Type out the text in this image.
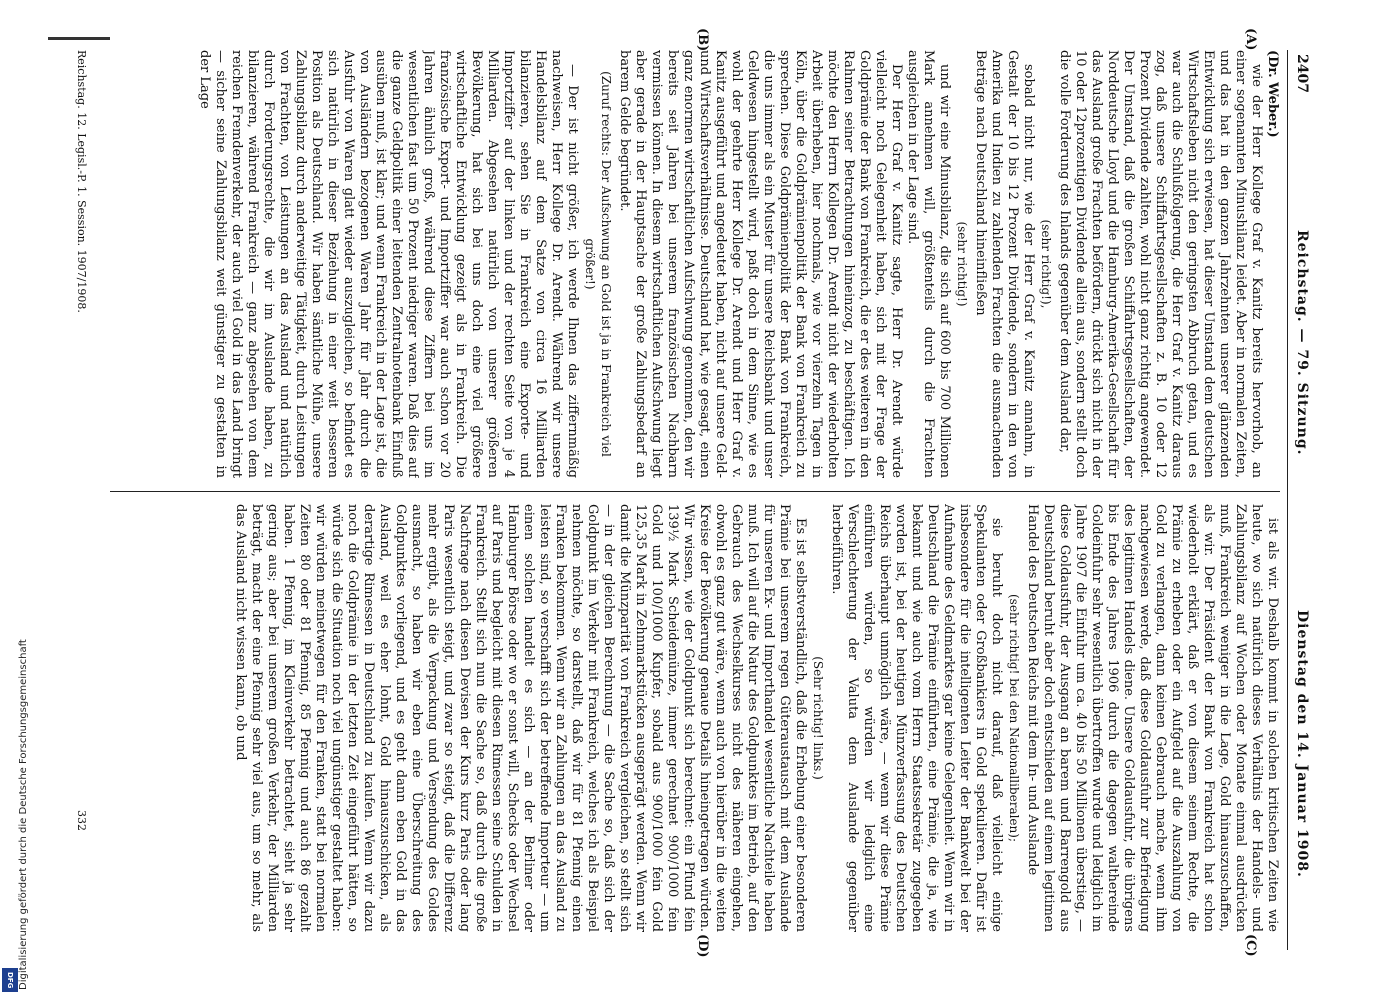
2407
Reichstag. — 79. Sitzung.
Dienstag den 14. Januar 1908.
(A)
(B)
(C)
(D)

(Dr. Weber.)

wie der Herr Kollege Graf v. Kanitz bereits hervorhob, an einer sogenannten Minushilanz leidet. Aber in normalen Zeiten, und das hat in den ganzen Jahrzehnten unserer glänzenden Entwicklung sich erwiesen, hat dieser Umstand dem deutschen Wirtschaftsleben nicht den geringsten Abbruch getan, und es war auch die Schlußfolgerung, die Herr Graf v. Kanitz daraus zog, daß unsere Schiffahrtsgesellschaften z. B. 10 oder 12 Prozent Dividende zahlten, wohl nicht ganz richtig angewendet. Der Umstand, daß die großen Schiffahrtsgesellschaften, der Norddeutsche Lloyd und die Hamburg-Amerika-Gesellschaft für das Ausland große Frachten befördern, drückt sich nicht in der 10 oder 12prozentigen Dividende allein aus, sondern stellt doch die volle Forderung des Inlands gegenüber dem Ausland dar,

(sehr richtig!),

sobald nicht nur, wie der Herr Graf v. Kanitz annahm, in Gestalt der 10 bis 12 Prozent Dividende, sondern in den von Amerika und Indien zu zahlenden Frachten die ausmachenden Beträge nach Deutschland hineinfließen

(sehr richtig!)

und wir eine Minusbilanz, die sich auf 600 bis 700 Millionen Mark annehmen will, größtenteils durch die Frachten ausgleichen in der Lage sind.

Der Herr Graf v. Kanitz sagte, Herr Dr. Arendt würde vielleicht noch Gelegenheit haben, sich mit der Frage der Goldprämie der Bank von Frankreich, die er des weiteren in den Rahmen seiner Betrachtungen hineinzog, zu beschäftigen. Ich möchte den Herrn Kollegen Dr. Arendt nicht der wiederholten Arbeit überheben, hier nochmals, wie vor vierzehn Tagen in Köln, über die Goldprämienpolitik der Bank von Frankreich zu sprechen. Diese Goldprämienpolitik der Bank von Frankreich, die uns immer als ein Muster für unsere Reichsbank und unser Geldwesen hingestellt wird, paßt doch in dem Sinne, wie es wohl der geehrte Herr Kollege Dr. Arendt und Herr Graf v. Kanitz ausgeführt und angedeutet haben, nicht auf unsere Geld- und Wirtschaftsverhältnisse. Deutschland hat, wie gesagt, einen ganz enormen wirtschaftlichen Aufschwung genommen, den wir bereits seit Jahren bei unserem französischen Nachbarn vermissen können. In diesem wirtschaftlichen Aufschwung liegt aber gerade in der Hauptsache der große Zahlungsbedarf an barem Gelde begründet.

(Zuruf rechts: Der Aufschwung an Gold ist ja in Frankreich viel größer!)

— Der ist nicht größer, ich werde Ihnen das ziffernmäßig nachweisen, Herr Kollege Dr. Arendt. Während wir unsere Handelsbilanz auf dem Satze von circa 16 Milliarden bilanzieren, sehen Sie in Frankreich eine Exporte- und Importziffer auf der linken und der rechten Seite von je 4 Milliarden. Abgesehen natürlich von unserer größeren Bevölkerung, hat sich bei uns doch eine viel größere wirtschaftliche Entwicklung gezeigt als in Frankreich. Die französische Export- und Importziffer war auch schon vor 20 Jahren ähnlich groß, während diese Ziffern bei uns im wesentlichen fast um 50 Prozent niedriger waren. Daß dies auf die ganze Geldpolitik einer leitenden Zentralnotenbank Einfluß ausüben muß, ist klar; und wenn Frankreich in der Lage ist, die von Ausländern bezogenen Waren Jahr für Jahr durch die Ausfuhr von Waren glatt wieder auszugleichen, so befindet es sich natürlich in dieser Beziehung in einer weit besseren Position als Deutschland. Wir haben sämtliche Mühe, unsere Zahlungsbilanz durch anderweitige Tätigkeit, durch Leistungen von Frachten, von Leistungen an das Ausland und natürlich durch Forderungsrechte, die wir im Auslande haben, zu bilanzieren, während Frankreich — ganz abgesehen von dem reichen Fremdenverkehr, der auch viel Gold in das Land bringt — sicher seine Zahlungsbilanz weit günstiger zu gestalten in der Lage

ist als wir. Deshalb kommt in solchen kritischen Zeiten wie heute, wo sich natürlich dieses Verhältnis der Handels- und Zahlungsbilanz auf Wochen oder Monate einmal ausdrücken muß, Frankreich weniger in die Lage, Gold hinauszuschaffen, als wir. Der Präsident der Bank von Frankreich hat schon wiederholt erklärt, daß er von diesem seinem Rechte, die Prämie zu erheben oder ein Aufgeld auf die Auszahlung von Gold zu verlangen, dann keinen Gebrauch mache, wenn ihm nachgewiesen werde, daß diese Goldausfuhr zur Befriedigung des legitimen Handels diene. Unsere Goldausfuhr, die übrigens bis Ende des Jahres 1906 durch die dagegen walthereinde Goldeinfuhr sehr wesentlich übertroffen wurde und lediglich im Jahre 1907 die Einfuhr um ca. 40 bis 50 Millionen überstieg, — diese Goldausfuhr, der Ausgang an barem und Barrengold aus Deutschland beruht aber doch entschieden auf einem legitimen Handel des Deutschen Reichs mit dem In- und Auslande

(sehr richtig! bei den Nationalliberalen);

sie beruht doch nicht darauf, daß vielleicht einige Spekulanten oder Großbankiers in Gold spekulieren. Dafür ist insbesondere für die intelligenten Leiter der Bankwelt bei der Aufnahme des Geldmarktes gar keine Gelegenheit. Wenn wir in Deutschland die Prämie einführten, eine Prämie, die ja, wie bekannt und wie auch vom Herrn Staatssekretär zugegeben worden ist, bei der heutigen Münzverfassung des Deutschen Reichs überhaupt unmöglich wäre, — wenn wir diese Prämie einführen würden, so würden wir lediglich eine Verschlechterung der Valuta dem Auslande gegenüber herbeiführen.

(Sehr richtig! links.)

Es ist selbstverständlich, daß die Erhebung einer besonderen Prämie bei unserem regen Güteraustausch mit dem Auslande für unseren Ex- und Importhandel wesentliche Nachteile haben muß. Ich will auf die Natur des Goldpunktes im Betrieb, auf den Gebrauch des Wechselkurses nicht des näheren eingehen, obwohl es ganz gut wäre, wenn auch von hierüber in die weiten Kreise der Bevölkerung genaue Details hineingetragen würden. Wir wissen, wie der Goldpunkt sich berechnet: ein Pfund fein 139½ Mark Scheidemünze, immer gerechnet 900/1000 fein Gold und 100/1000 Kupfer, sobald aus 900/1000 fein Gold 125,35 Mark in Zehnmarkstücken ausgeprägt werden. Wenn wir damit die Münzparität von Frankreich vergleichen, so stellt sich — in der gleichen Berechnung — die Sache so, daß sich der Goldpunkt im Verkehr mit Frankreich, welches ich als Beispiel nehmen möchte, so darstellt, daß wir für 81 Pfennig einen Franken bekommen. Wenn wir an Zahlungen an das Ausland zu leisten sind, so verschafft sich der betreffende Importeur — um einen solchen handelt es sich — an der Berliner oder Hamburger Börse oder wo er sonst will, Schecks oder Wechsel auf Paris und begleicht mit diesen Rimessen seine Schulden in Frankreich. Stellt sich nun die Sache so, daß durch die große Nachfrage nach diesen Devisen der Kurs kurz Paris oder lang Paris wesentlich steigt, und zwar so steigt, daß die Differenz mehr ergibt, als die Verpackung und Versendung des Goldes ausmacht, so haben wir eben eine Überschreitung des Goldpunktes vorliegend, und es geht dann eben Gold in das Ausland, weil es eher lohnt, Gold hinauszuschicken, als derartige Rimessen in Deutschland zu kaufen. Wenn wir dazu noch die Goldprämie in der letzten Zeit eingeführt hätten, so würde sich die Situation noch viel ungünstiger gestaltet haben: wir würden meinetwegen für den Franken, statt bei normalen Zeiten 80 oder 81 Pfennig, 85 Pfennig und auch 86 gezahlt haben. 1 Pfennig, im Kleinverkehr betrachtet, sieht ja sehr gering aus; aber bei unserem großen Verkehr, der Milliarden beträgt, macht der eine Pfennig sehr viel aus, um so mehr, als das Ausland nicht wissen kann, ob und

Reichstag. 12. Legisl.-P. 1. Session. 1907/1908.
332
Digitalisierung gefördert durch die Deutsche Forschungsgemeinschaft
DFG
